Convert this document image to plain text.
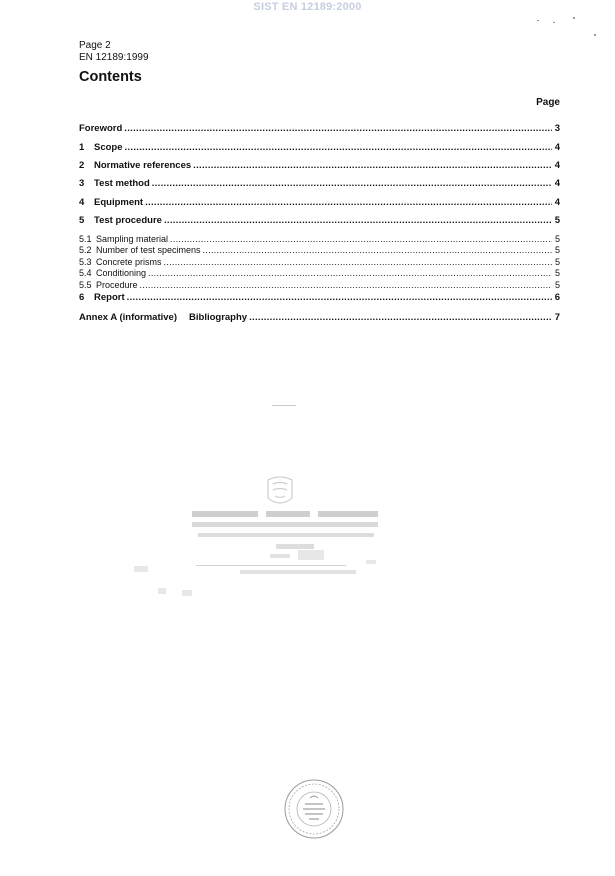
SIST EN 12189:2000
Page 2
EN 12189:1999
Contents
Page
Foreword .....	3
1	Scope .....	4
2	Normative references .....	4
3	Test method .....	4
4	Equipment .....	4
5	Test procedure .....	5
5.1 Sampling material .....	5
5.2 Number of test specimens .....	5
5.3 Concrete prisms .....	5
5.4 Conditioning .....	5
5.5 Procedure .....	5
6	Report .....	6
Annex A (informative) Bibliography .....	7
